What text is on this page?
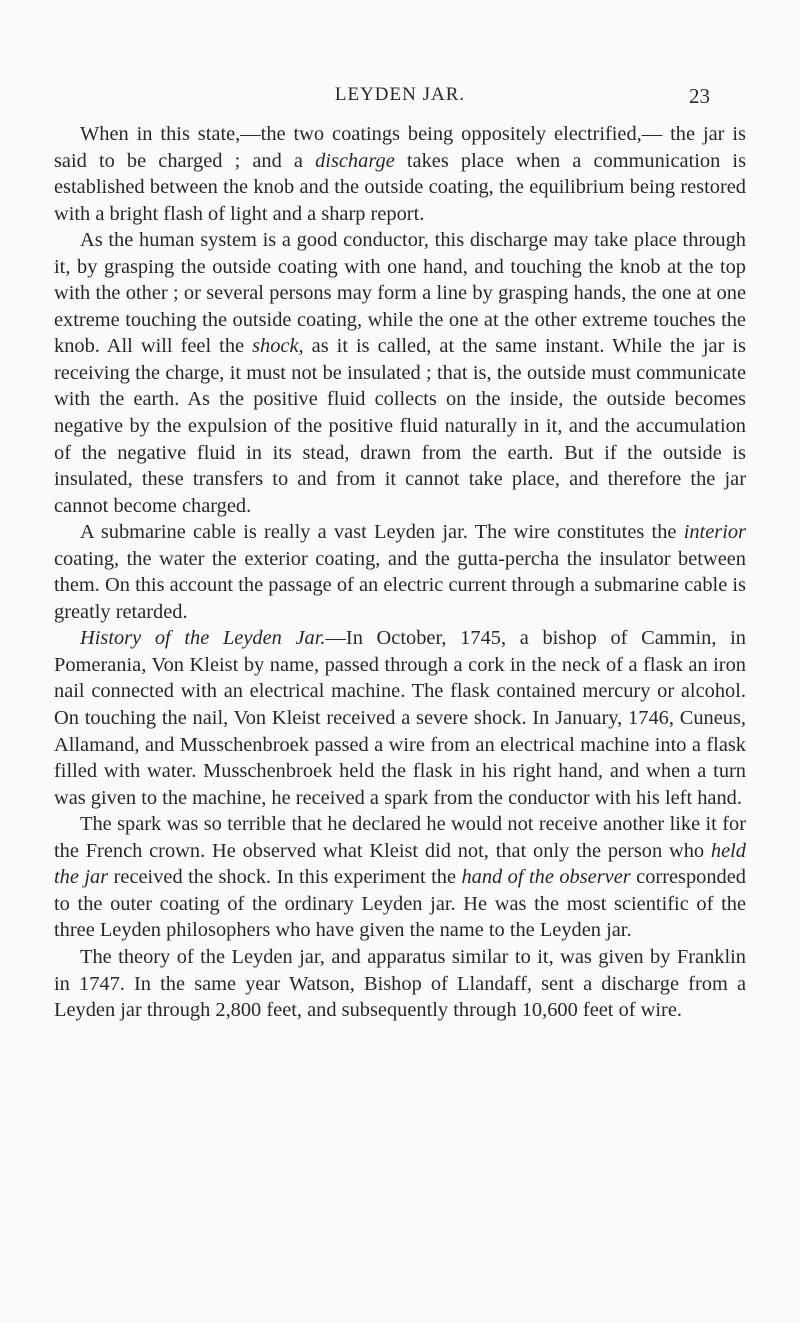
LEYDEN JAR.	23

When in this state,—the two coatings being oppositely electrified,— the jar is said to be charged ; and a discharge takes place when a communication is established between the knob and the outside coating, the equilibrium being restored with a bright flash of light and a sharp report.

As the human system is a good conductor, this discharge may take place through it, by grasping the outside coating with one hand, and touching the knob at the top with the other ; or several persons may form a line by grasping hands, the one at one extreme touching the outside coating, while the one at the other extreme touches the knob. All will feel the shock, as it is called, at the same instant. While the jar is receiving the charge, it must not be insulated ; that is, the outside must communicate with the earth. As the positive fluid collects on the inside, the outside becomes negative by the expulsion of the positive fluid naturally in it, and the accumulation of the negative fluid in its stead, drawn from the earth. But if the outside is insulated, these transfers to and from it cannot take place, and therefore the jar cannot become charged.

A submarine cable is really a vast Leyden jar. The wire constitutes the interior coating, the water the exterior coating, and the gutta-percha the insulator between them. On this account the passage of an electric current through a submarine cable is greatly retarded.

History of the Leyden Jar.—In October, 1745, a bishop of Cammin, in Pomerania, Von Kleist by name, passed through a cork in the neck of a flask an iron nail connected with an electrical machine. The flask contained mercury or alcohol. On touching the nail, Von Kleist received a severe shock. In January, 1746, Cuneus, Allamand, and Musschenbroek passed a wire from an electrical machine into a flask filled with water. Musschenbroek held the flask in his right hand, and when a turn was given to the machine, he received a spark from the conductor with his left hand.

The spark was so terrible that he declared he would not receive another like it for the French crown. He observed what Kleist did not, that only the person who held the jar received the shock. In this experiment the hand of the observer corresponded to the outer coating of the ordinary Leyden jar. He was the most scientific of the three Leyden philosophers who have given the name to the Leyden jar.

The theory of the Leyden jar, and apparatus similar to it, was given by Franklin in 1747. In the same year Watson, Bishop of Llandaff, sent a discharge from a Leyden jar through 2,800 feet, and subsequently through 10,600 feet of wire.
